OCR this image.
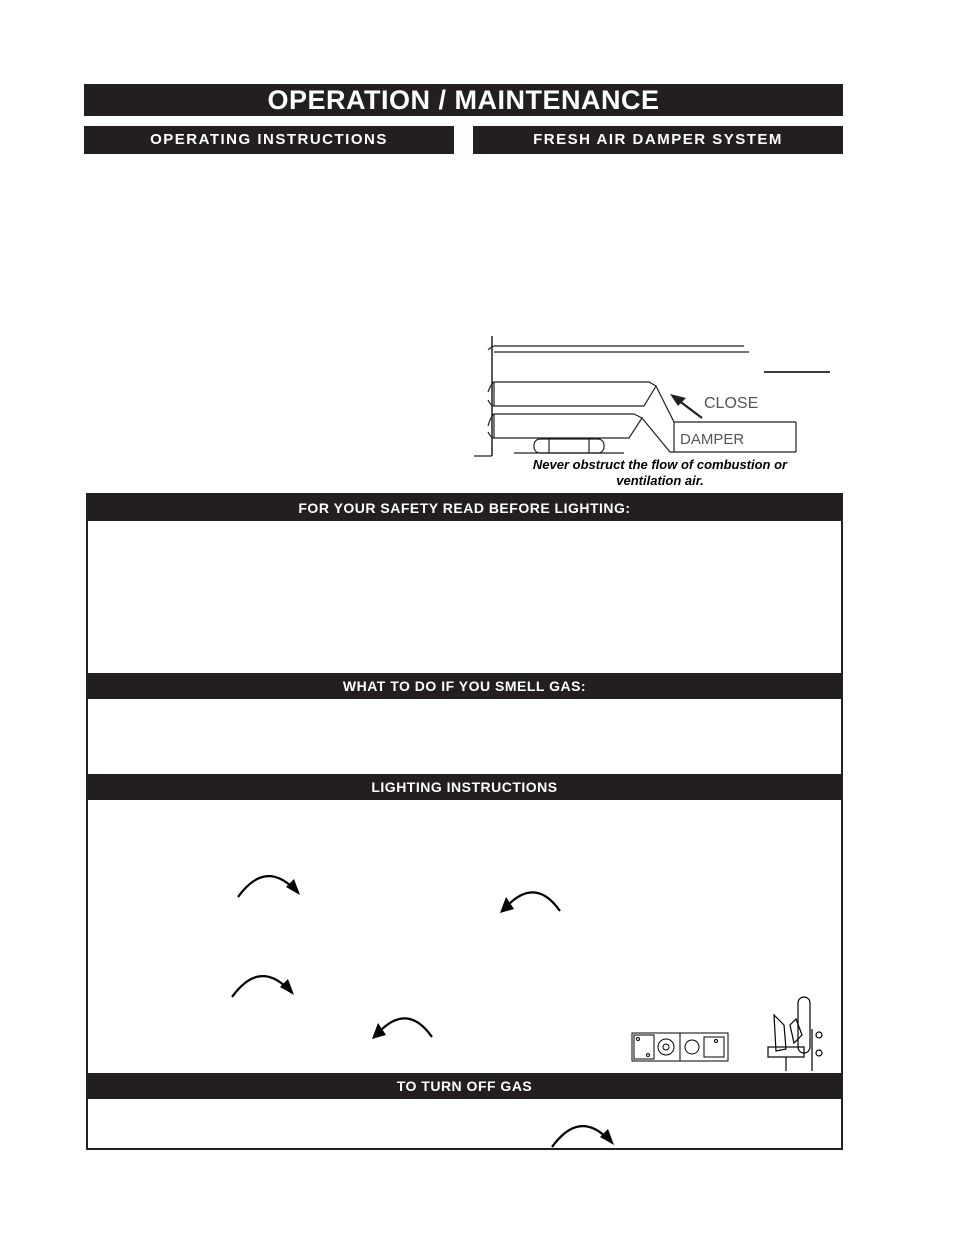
OPERATION / MAINTENANCE
OPERATING INSTRUCTIONS	FRESH AIR DAMPER SYSTEM
CLOSE
DAMPER
Never obstruct the flow of combustion or ventilation air.
FOR YOUR SAFETY READ BEFORE LIGHTING:
WHAT TO DO IF YOU SMELL GAS:
LIGHTING INSTRUCTIONS
TO TURN OFF GAS
